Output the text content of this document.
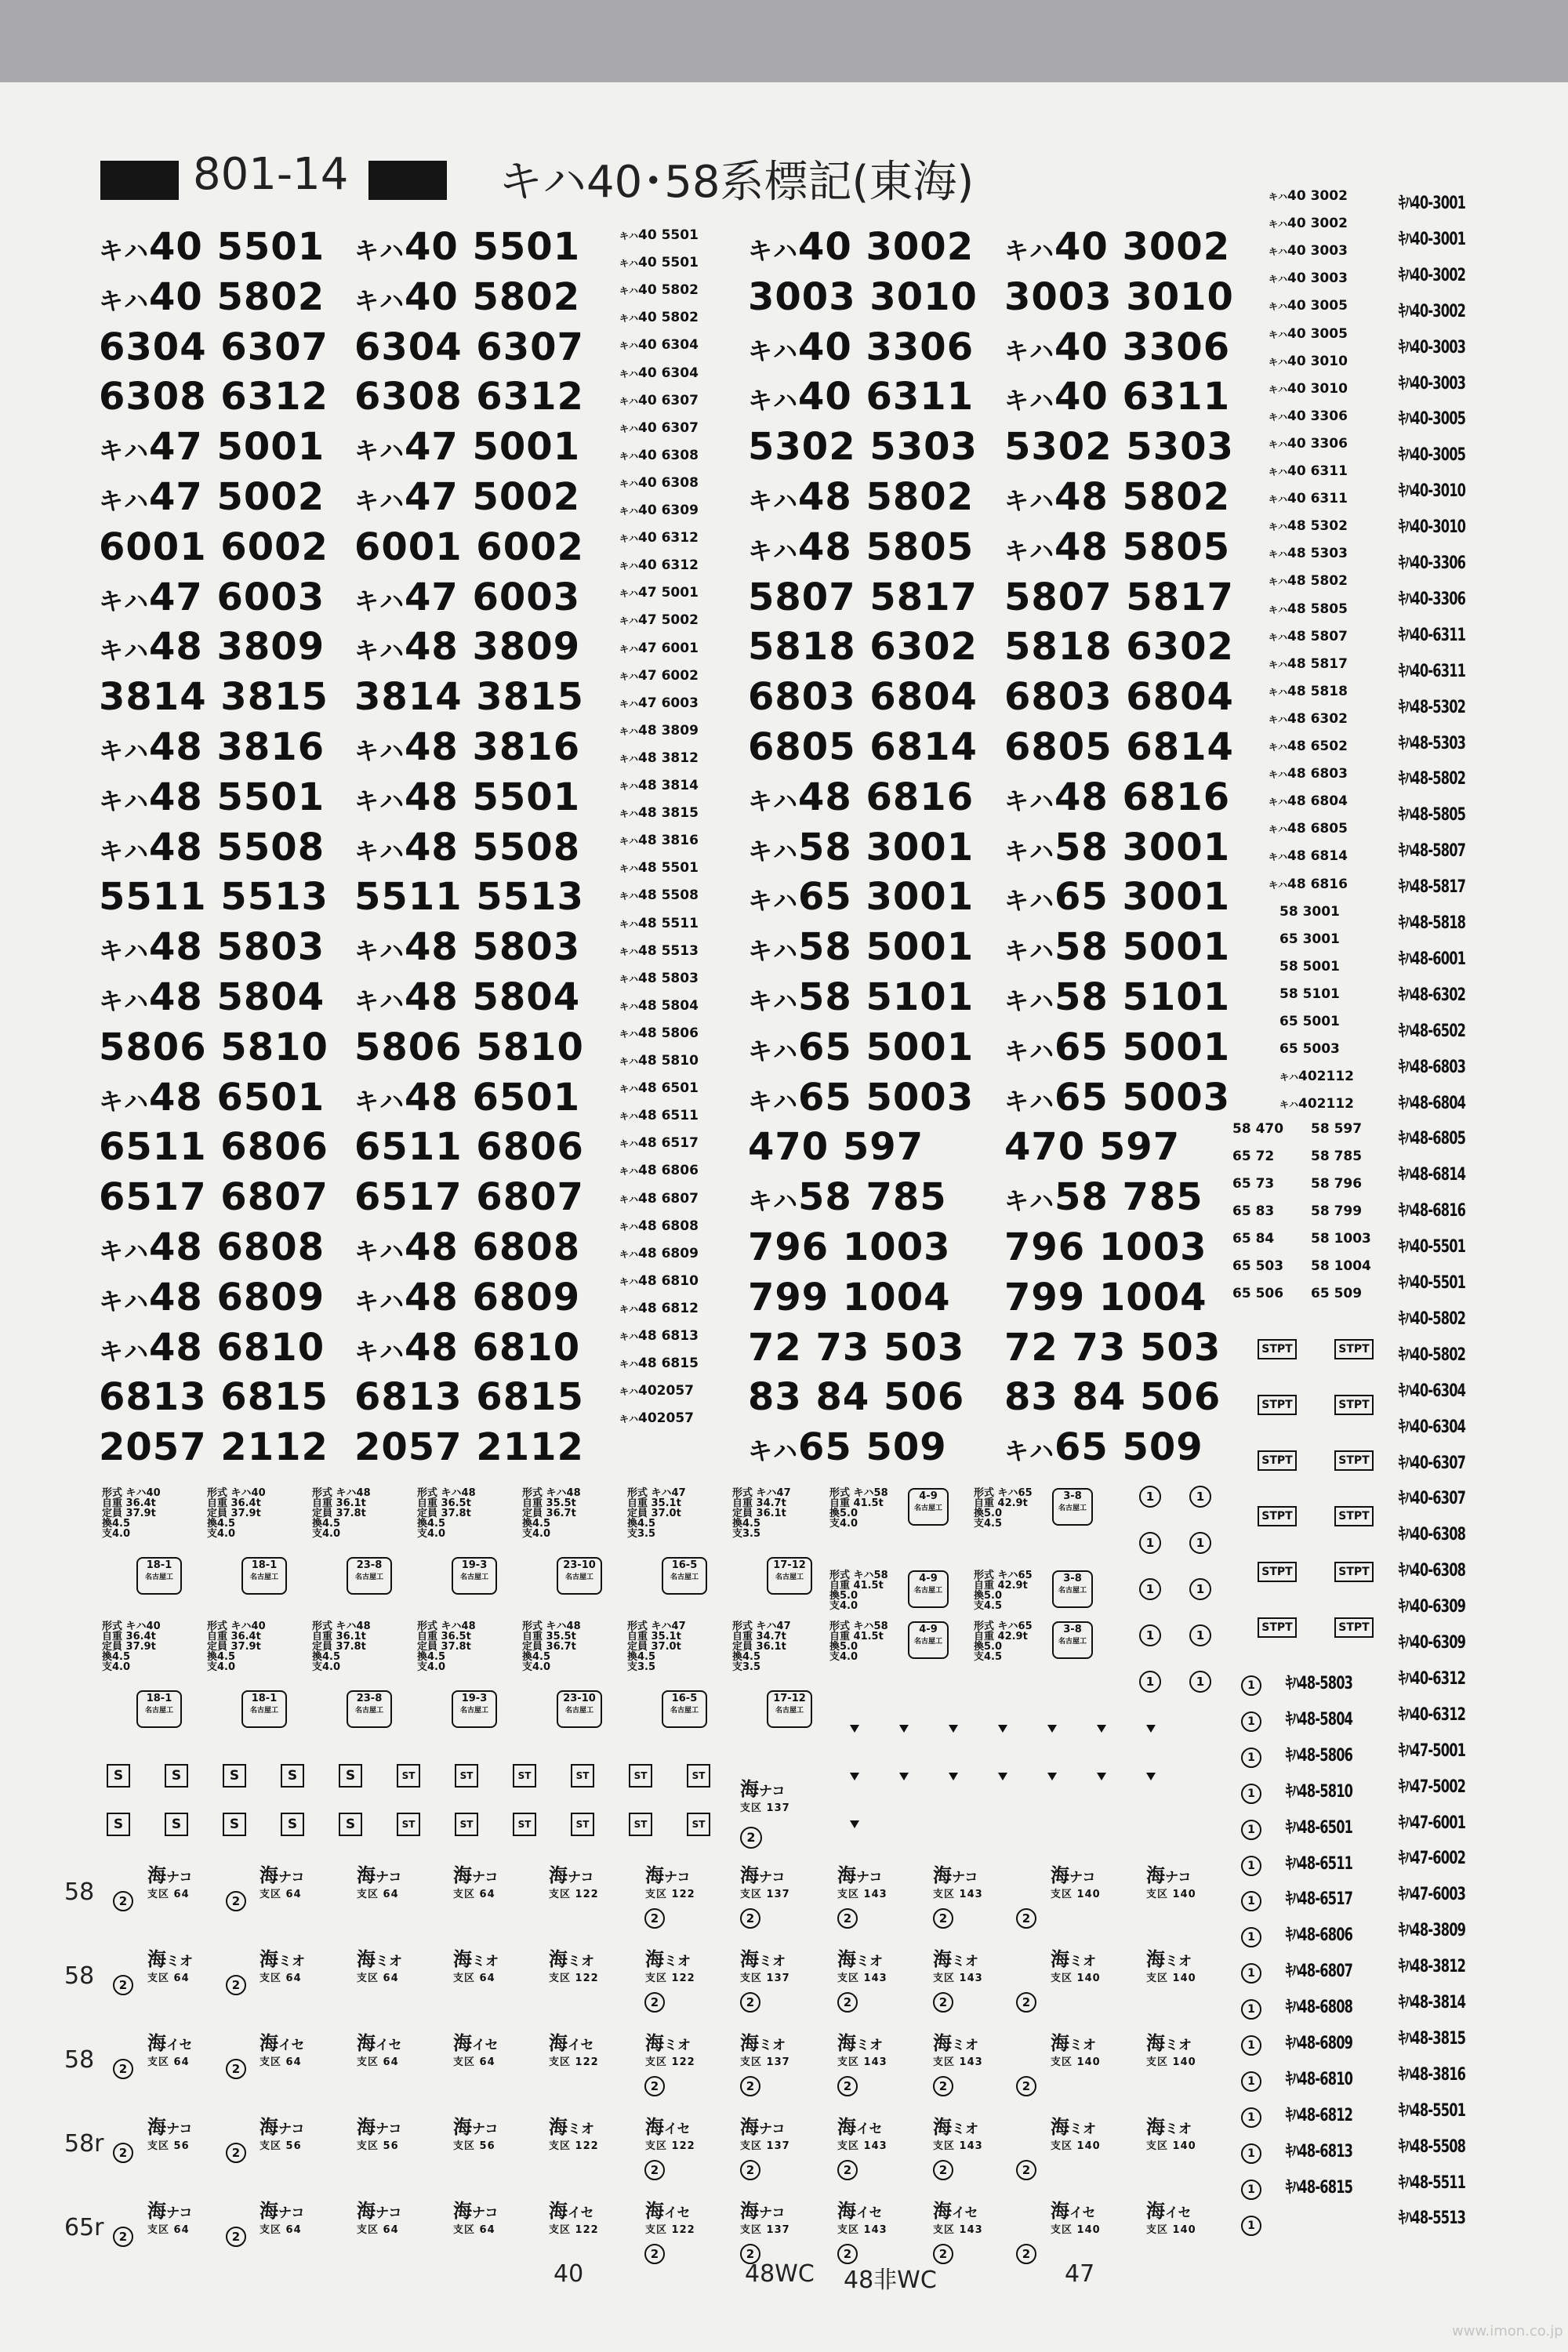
801-14	キハ40･58系標記(東海)
キハ40 5501 キハ40 5501
キハ40 5802 キハ40 5802
6304 6307 6304 6307
6308 6312 6308 6312
キハ47 5001 キハ47 5001
キハ47 5002 キハ47 5002
6001 6002 6001 6002
キハ47 6003 キハ47 6003
キハ48 3809 キハ48 3809
3814 3815 3814 3815
キハ48 3816 キハ48 3816
キハ48 5501 キハ48 5501
キハ48 5508 キハ48 5508
5511 5513 5511 5513
キハ48 5803 キハ48 5803
キハ48 5804 キハ48 5804
5806 5810 5806 5810
キハ48 6501 キハ48 6501
6511 6806 6511 6806
6517 6807 6517 6807
キハ48 6808 キハ48 6808
キハ48 6809 キハ48 6809
キハ48 6810 キハ48 6810
6813 6815 6813 6815
2057 2112 2057 2112
キハ40 3002 キハ40 3002
3003 3010 3003 3010
キハ40 3306 キハ40 3306
キハ40 6311 キハ40 6311
5302 5303 5302 5303
キハ48 5802 キハ48 5802
キハ48 5805 キハ48 5805
5807 5817 5807 5817
5818 6302 5818 6302
6803 6804 6803 6804
6805 6814 6805 6814
キハ48 6816 キハ48 6816
キハ58 3001 キハ58 3001
キハ65 3001 キハ65 3001
キハ58 5001 キハ58 5001
キハ58 5101 キハ58 5101
キハ65 5001 キハ65 5001
キハ65 5003 キハ65 5003
470 597 470 597
キハ58 785 キハ58 785
796 1003 796 1003
799 1004 799 1004
72 73 503 72 73 503
83 84 506 83 84 506
キハ65 509 キハ65 509
キハ40 5501
キハ40 5501
キハ40 5802
キハ40 5802
キハ40 6304
キハ40 6304
キハ40 6307
キハ40 6307
キハ40 6308
キハ40 6308
キハ40 6309
キハ40 6312
キハ40 6312
キハ47 5001
キハ47 5002
キハ47 6001
キハ47 6002
キハ47 6003
キハ48 3809
キハ48 3812
キハ48 3814
キハ48 3815
キハ48 3816
キハ48 5501
キハ48 5508
キハ48 5511
キハ48 5513
キハ48 5803
キハ48 5804
キハ48 5806
キハ48 5810
キハ48 6501
キハ48 6511
キハ48 6517
キハ48 6806
キハ48 6807
キハ48 6808
キハ48 6809
キハ48 6810
キハ48 6812
キハ48 6813
キハ48 6815
キハ402057
キハ402057
キハ40 3002
キハ40 3002
キハ40 3003
キハ40 3003
キハ40 3005
キハ40 3005
キハ40 3010
キハ40 3010
キハ40 3306
キハ40 3306
キハ40 6311
キハ40 6311
キハ48 5302
キハ48 5303
キハ48 5802
キハ48 5805
キハ48 5807
キハ48 5817
キハ48 5818
キハ48 6302
キハ48 6502
キハ48 6803
キハ48 6804
キハ48 6805
キハ48 6814
キハ48 6816
58 3001
65 3001
58 5001
58 5101
65 5001
65 5003
キハ402112
キハ402112
58 470 58 597
65 72	58 785
65 73	58 796
65 83	58 799
65 84	58 1003
65 503 58 1004
65 506 65 509
ｷﾊ40-3001
ｷﾊ40-3001
ｷﾊ40-3002
ｷﾊ40-3002
ｷﾊ40-3003
ｷﾊ40-3003
ｷﾊ40-3005
ｷﾊ40-3005
ｷﾊ40-3010
ｷﾊ40-3010
ｷﾊ40-3306
ｷﾊ40-3306
ｷﾊ40-6311
ｷﾊ40-6311
ｷﾊ48-5302
ｷﾊ48-5303
ｷﾊ48-5802
ｷﾊ48-5805
ｷﾊ48-5807
ｷﾊ48-5817
ｷﾊ48-5818
ｷﾊ48-6001
ｷﾊ48-6302
ｷﾊ48-6502
ｷﾊ48-6803
ｷﾊ48-6804
ｷﾊ48-6805
ｷﾊ48-6814
ｷﾊ48-6816
ｷﾊ40-5501
ｷﾊ40-5501
ｷﾊ40-5802
ｷﾊ40-5802
ｷﾊ40-6304
ｷﾊ40-6304
ｷﾊ40-6307
ｷﾊ40-6307
ｷﾊ40-6308
ｷﾊ40-6308
ｷﾊ40-6309
ｷﾊ40-6309
ｷﾊ40-6312
ｷﾊ40-6312
ｷﾊ47-5001
ｷﾊ47-5002
ｷﾊ47-6001
ｷﾊ47-6002
ｷﾊ47-6003
ｷﾊ48-3809
ｷﾊ48-3812
ｷﾊ48-3814
ｷﾊ48-3815
ｷﾊ48-3816
ｷﾊ48-5501
ｷﾊ48-5508
ｷﾊ48-5511
ｷﾊ48-5513
ｷﾊ48-5803
ｷﾊ48-5804
ｷﾊ48-5806
ｷﾊ48-5810
ｷﾊ48-6501
ｷﾊ48-6511
ｷﾊ48-6517
ｷﾊ48-6806
ｷﾊ48-6807
ｷﾊ48-6808
ｷﾊ48-6809
ｷﾊ48-6810
ｷﾊ48-6812
ｷﾊ48-6813
ｷﾊ48-6815
1
1
1
1
1
1
1
1
1
1
1
1
1
1
1
1
STPT	STPT
STPT	STPT
STPT	STPT
STPT	STPT
STPT	STPT
STPT	STPT
1	1
1	1
1	1
1	1
1	1
形式 キハ40
自重 36.4t
定員 37.9t
換4.5
支4.0
18-1
名古屋工
形式 キハ40
自重 36.4t
定員 37.9t
換4.5
支4.0
18-1
名古屋工
形式 キハ48
自重 36.1t
定員 37.8t
換4.5
支4.0
23-8
名古屋工
形式 キハ48
自重 36.5t
定員 37.8t
換4.5
支4.0
19-3
名古屋工
形式 キハ48
自重 35.5t
定員 36.7t
換4.5
支4.0
23-10
名古屋工
形式 キハ47
自重 35.1t
定員 37.0t
換4.5
支3.5
16-5
名古屋工
形式 キハ47
自重 34.7t
定員 36.1t
換4.5
支3.5
17-12
名古屋工
形式 キハ58
自重 41.5t
換5.0
支4.0
4-9
名古屋工
形式 キハ65
自重 42.9t
換5.0
支4.5
3-8
名古屋工
形式 キハ40
自重 36.4t
定員 37.9t
換4.5
支4.0
18-1
名古屋工
形式 キハ40
自重 36.4t
定員 37.9t
換4.5
支4.0
18-1
名古屋工
形式 キハ48
自重 36.1t
定員 37.8t
換4.5
支4.0
23-8
名古屋工
形式 キハ48
自重 36.5t
定員 37.8t
換4.5
支4.0
19-3
名古屋工
形式 キハ48
自重 35.5t
定員 36.7t
換4.5
支4.0
23-10
名古屋工
形式 キハ47
自重 35.1t
定員 37.0t
換4.5
支3.5
16-5
名古屋工
形式 キハ47
自重 34.7t
定員 36.1t
換4.5
支3.5
17-12
名古屋工
形式 キハ58
自重 41.5t
換5.0
支4.0
4-9
名古屋工
形式 キハ65
自重 42.9t
換5.0
支4.5
3-8
名古屋工
形式 キハ58
自重 41.5t
換5.0
支4.0
4-9
名古屋工
形式 キハ65
自重 42.9t
換5.0
支4.5
3-8
名古屋工
S	S	S	S	S	ST	ST	ST	ST	ST	ST
S	S	S	S	S	ST	ST	ST	ST	ST	ST
海ナコ
支区 137
2
58
海ナコ
支区 64
2
海ナコ
支区 64
2
海ナコ
支区 64
海ナコ
支区 64
海ナコ
支区 122
海ナコ
支区 122
2
海ナコ
支区 137
2
海ナコ
支区 143
2
海ナコ
支区 143
2
海ナコ
支区 140
2
海ナコ
支区 140
58
海ミオ
支区 64
2
海ミオ
支区 64
2
海ミオ
支区 64
海ミオ
支区 64
海ミオ
支区 122
海ミオ
支区 122
2
海ミオ
支区 137
2
海ミオ
支区 143
2
海ミオ
支区 143
2
海ミオ
支区 140
2
海ミオ
支区 140
58
海イセ
支区 64
2
海イセ
支区 64
2
海イセ
支区 64
海イセ
支区 64
海イセ
支区 122
海ミオ
支区 122
2
海ミオ
支区 137
2
海ミオ
支区 143
2
海ミオ
支区 143
2
海ミオ
支区 140
2
海ミオ
支区 140
58r
海ナコ
支区 56
2
海ナコ
支区 56
2
海ナコ
支区 56
海ナコ
支区 56
海ミオ
支区 122
海イセ
支区 122
2
海ナコ
支区 137
2
海イセ
支区 143
2
海ミオ
支区 143
2
海ミオ
支区 140
2
海ミオ
支区 140
65r
海ナコ
支区 64
2
海ナコ
支区 64
2
海ナコ
支区 64
海ナコ
支区 64
海イセ
支区 122
海イセ
支区 122
2
海ナコ
支区 137
2
海イセ
支区 143
2
海イセ
支区 143
2
海イセ
支区 140
2
海イセ
支区 140
40	48WC 48非WC	47
www.imon.co.jp
